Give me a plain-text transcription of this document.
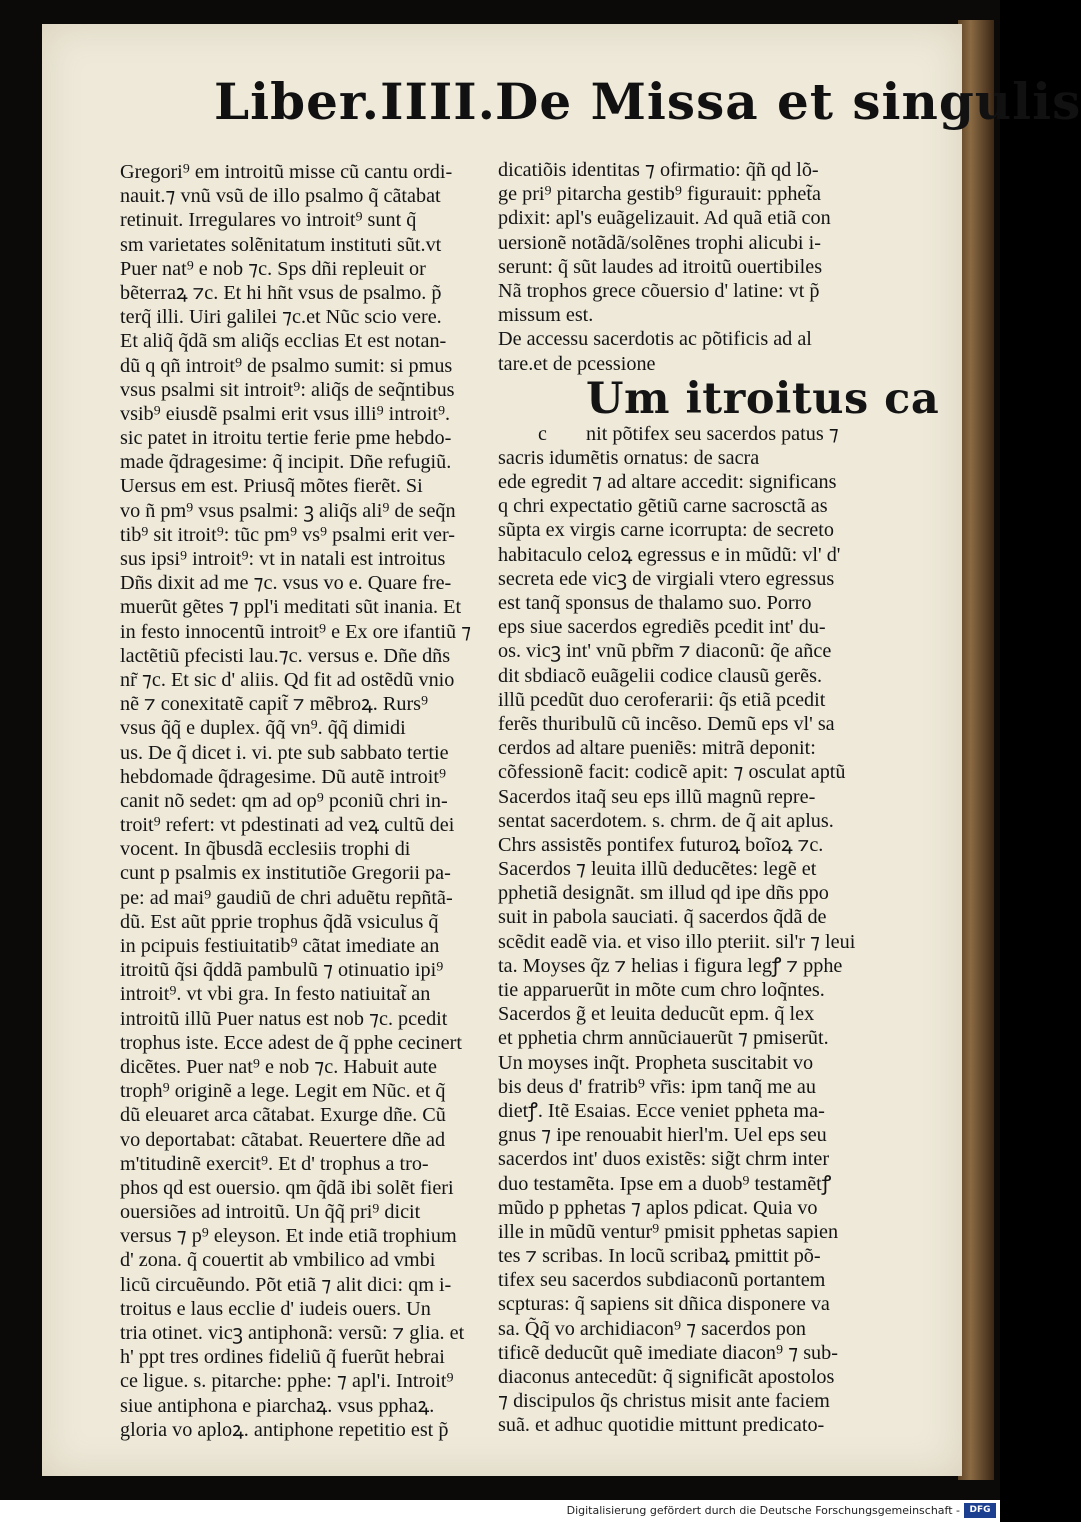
Liber.IIII.
De Missa et singulis
Gregori⁹ em introitũ misse cũ cantu ordi-
nauit.⁊ vnũ vsũ de illo psalmo q̃ cãtabat
retinuit. Irregulares vo introit⁹ sunt q̃
sm varietates solẽnitatum instituti sũt.vt
Puer nat⁹ e nob ⁊c. Sps dñi repleuit or
bẽterraꝝ ⁊c. Et hi hñt vsus de psalmo. p̃
terq̃ illi. Uiri galilei ⁊c.et Nũc scio vere.
Et aliq̃ q̃dã sm aliq̃s ecclias Et est notan-
dũ q qñ introit⁹ de psalmo sumit: si pmus
vsus psalmi sit introit⁹: aliq̃s de seq̃ntibus
vsib⁹ eiusdẽ psalmi erit vsus illi⁹ introit⁹.
sic patet in itroitu tertie ferie pme hebdo-
made q̃dragesime: q̃ incipit. Dñe refugiũ.
Uersus em est. Priusq̃ mõtes fierẽt. Si
vo ñ pm⁹ vsus psalmi: ꝫ aliq̃s ali⁹ de seq̃n
tib⁹ sit itroit⁹: tũc pm⁹ vs⁹ psalmi erit ver-
sus ipsi⁹ introit⁹: vt in natali est introitus
Dñs dixit ad me ⁊c. vsus vo e. Quare fre-
muerũt gẽtes ⁊ ppl'i meditati sũt inania. Et
in festo innocentũ introit⁹ e Ex ore ifantiũ ⁊
lactẽtiũ pfecisti lau.⁊c. versus e. Dñe dñs
nr̃ ⁊c. Et sic d' aliis. Qd fit ad ostẽdũ vnio
nẽ ⁊ conexitatẽ capit̃ ⁊ mẽbroꝝ. Rurs⁹
vsus q̃q̃ e duplex. q̃q̃ vn⁹. q̃q̃ dimidi
us. De q̃ dicet i. vi. pte sub sabbato tertie
hebdomade q̃dragesime. Dũ autẽ introit⁹
canit nõ sedet: qm ad op⁹ pconiũ chri in-
troit⁹ refert: vt pdestinati ad veꝝ cultũ dei
vocent. In q̃busdã ecclesiis trophi di
cunt p psalmis ex institutiõe Gregorii pa-
pe: ad mai⁹ gaudiũ de chri aduẽtu repñtã-
dũ. Est aũt pprie trophus q̃dã vsiculus q̃
in pcipuis festiuitatib⁹ cãtat imediate an
itroitũ q̃si q̃ddã pambulũ ⁊ otinuatio ipi⁹
introit⁹. vt vbi gra. In festo natiuitat̃ an
introitũ illũ Puer natus est nob ⁊c. pcedit
trophus iste. Ecce adest de q̃ pphe cecinert
dicẽtes. Puer nat⁹ e nob ⁊c. Habuit aute
troph⁹ originẽ a lege. Legit em Nũc. et q̃
dũ eleuaret arca cãtabat. Exurge dñe. Cũ
vo deportabat: cãtabat. Reuertere dñe ad
m'titudinẽ exercit⁹. Et d' trophus a tro-
phos qd est ouersio. qm q̃dã ibi solẽt fieri
ouersiões ad introitũ. Un q̃q̃ pri⁹ dicit
versus ⁊ p⁹ eleyson. Et inde etiã trophium
d' zona. q̃ couertit ab vmbilico ad vmbi
licũ circuẽundo. Põt etiã ⁊ alit dici: qm i-
troitus e laus ecclie d' iudeis ouers. Un
tria otinet. vicꝫ antiphonã: versũ: ⁊ glia. et
h' ppt tres ordines fideliũ q̃ fuerũt hebrai
ce ligue. s. pitarche: pphe: ⁊ apl'i. Introit⁹
siue antiphona e piarchaꝝ. vsus pphaꝝ.
gloria vo aploꝝ. antiphone repetitio est p̃
dicatiõis identitas ⁊ ofirmatio: q̃ñ qd lõ-
ge pri⁹ pitarcha gestib⁹ figurauit: pphet̃a
pdixit: apl's euãgelizauit. Ad quã etiã con
uersionẽ notãdã/solẽnes trophi alicubi i-
serunt: q̃ sũt laudes ad itroitũ ouertibiles
Nã trophos grece cõuersio d' latine: vt p̃
missum est.
De accessu sacerdotis ac põtificis ad al
tare.et de pcessione
Um itroitus ca
c nit põtifex seu sacerdos patus ⁊
sacris idumẽtis ornatus: de sacra
ede egredit ⁊ ad altare accedit: significans
q chri expectatio gẽtiũ carne sacrosctã as
sũpta ex virgis carne icorrupta: de secreto
habitaculo celoꝝ egressus e in mũdũ: vl' d'
secreta ede vicꝫ de virgiali vtero egressus
est tanq̃ sponsus de thalamo suo. Porro
eps siue sacerdos egrediẽs pcedit int' du-
os. vicꝫ int' vnũ pbr̃m ⁊ diaconũ: q̃e añce
dit sbdiacõ euãgelii codice clausũ gerẽs.
illũ pcedũt duo ceroferarii: q̃s etiã pcedit
ferẽs thuribulũ cũ incẽso. Demũ eps vl' sa
cerdos ad altare pueniẽs: mitrã deponit:
cõfessionẽ facit: codicẽ apit: ⁊ osculat aptũ
Sacerdos itaq̃ seu eps illũ magnũ repre-
sentat sacerdotem. s. chrm. de q̃ ait aplus.
Chrs assistẽs pontifex futuroꝝ boĩoꝝ ⁊c.
Sacerdos ⁊ leuita illũ deducẽtes: legẽ et
pphetiã designãt. sm illud qd ipe dñs ppo
suit in pabola sauciati. q̃ sacerdos q̃dã de
scẽdit eadẽ via. et viso illo pteriit. sil'r ⁊ leui
ta. Moyses q̃z ⁊ helias i figura legꝭ ⁊ pphe
tie apparuerũt in mõte cum chro loq̃ntes.
Sacerdos g̃ et leuita deducũt epm. q̃ lex
et pphetia chrm annũciauerũt ⁊ pmiserũt.
Un moyses inq̃t. Propheta suscitabit vo
bis deus d' fratrib⁹ vr̃is: ipm tanq̃ me au
dietꝭ. Itẽ Esaias. Ecce veniet ppheta ma-
gnus ⁊ ipe renouabit hierl'm. Uel eps seu
sacerdos int' duos existẽs: sig̃t chrm inter
duo testamẽta. Ipse em a duob⁹ testamẽtꝭ
mũdo p pphetas ⁊ aplos pdicat. Quia vo
ille in mũdũ ventur⁹ pmisit pphetas sapien
tes ⁊ scribas. In locũ scribaꝝ pmittit põ-
tifex seu sacerdos subdiaconũ portantem
scpturas: q̃ sapiens sit dñica disponere va
sa. Q̃q̃ vo archidiacon⁹ ⁊ sacerdos pon
tificẽ deducũt quẽ imediate diacon⁹ ⁊ sub-
diaconus antecedũt: q̃ significãt apostolos
⁊ discipulos q̃s christus misit ante faciem
suã. et adhuc quotidie mittunt predicato-
Digitalisierung gefördert durch die Deutsche Forschungsgemeinschaft -	DFG
